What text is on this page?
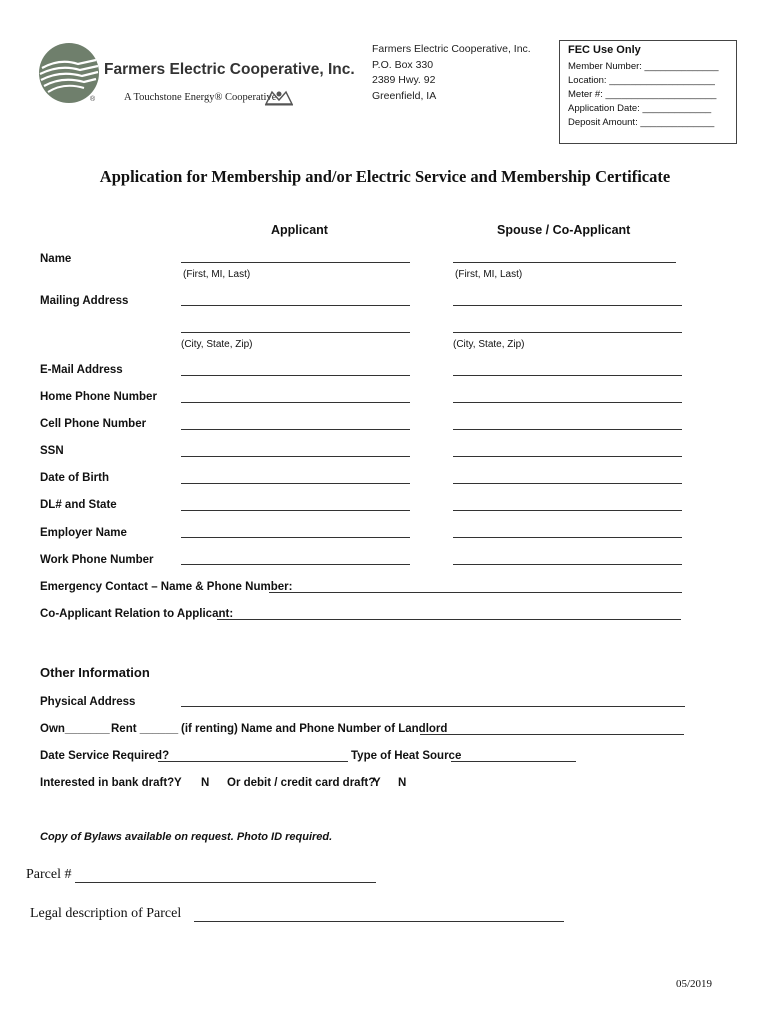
Farmers Electric Cooperative, Inc.
®	A Touchstone Energy® Cooperative
Farmers Electric Cooperative, Inc.
P.O. Box 330
2389 Hwy. 92
Greenfield, IA
FEC Use Only
Member Number: ______________
Location: ____________________
Meter #: _____________________
Application Date: _____________
Deposit Amount: ______________
Application for Membership and/or Electric Service and Membership Certificate
Applicant	Spouse / Co-Applicant
Name
(First, MI, Last)	(First, MI, Last)
Mailing Address
(City, State, Zip)	(City, State, Zip)
E-Mail Address
Home Phone Number
Cell Phone Number
SSN
Date of Birth
DL# and State
Employer Name
Work Phone Number
Emergency Contact – Name & Phone Number:
Co-Applicant Relation to Applicant:
Other Information
Physical Address
Own_______ Rent ______ (if renting) Name and Phone Number of Landlord
Date Service Required?	Type of Heat Source
Interested in bank draft? Y N Or debit / credit card draft?
Y N
Copy of Bylaws available on request. Photo ID required.
Parcel #
Legal description of Parcel
05/2019
